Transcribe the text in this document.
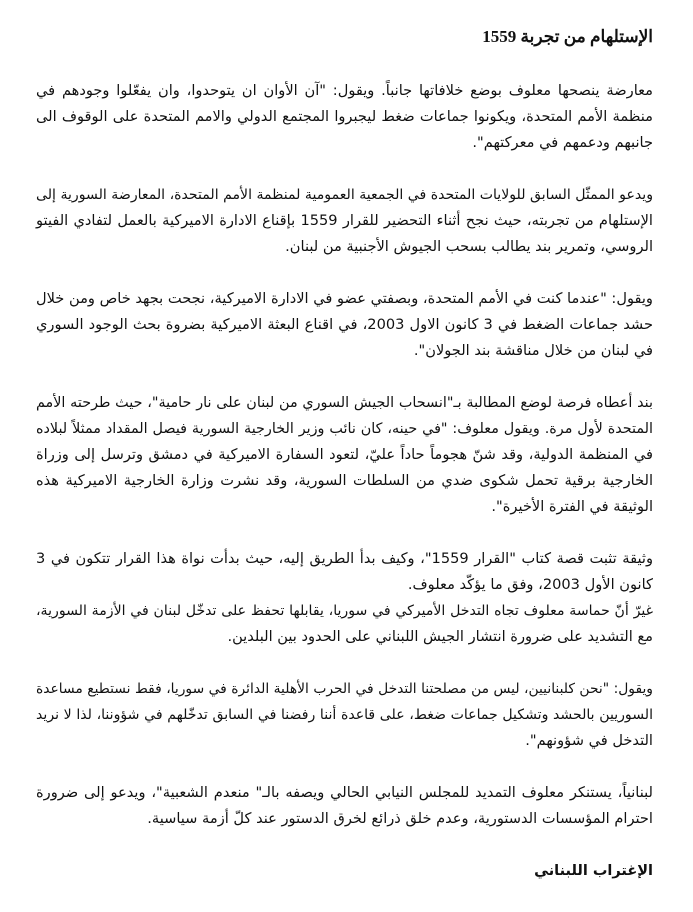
الإستلهام من تجربة 1559

معارضة ينصحها معلوف بوضع خلافاتها جانباً. ويقول: "آن الأوان ان يتوحدوا، وان يفعّلوا وجودهم في
منظمة الأمم المتحدة، ويكونوا جماعات ضغط ليجبروا المجتمع الدولي والامم المتحدة على الوقوف الى
جانبهم ودعمهم في معركتهم".

ويدعو الممثّل السابق للولايات المتحدة في الجمعية العمومية لمنظمة الأمم المتحدة، المعارضة السورية إلى
الإستلهام من تجربته، حيث نجح أثناء التحضير للقرار 1559 بإقناع الادارة الاميركية بالعمل لتفادي الفيتو
الروسي، وتمرير بند يطالب بسحب الجيوش الأجنبية من لبنان.

ويقول: "عندما كنت في الأمم المتحدة، وبصفتي عضو في الادارة الاميركية، نجحت بجهد خاص ومن خلال
حشد جماعات الضغط في 3 كانون الاول 2003، في اقناع البعثة الاميركية بضروة بحث الوجود السوري
في لبنان من خلال مناقشة بند الجولان".

بند أعطاه فرصة لوضع المطالبة بـ"انسحاب الجيش السوري من لبنان على نار حامية"، حيث طرحته الأمم
المتحدة لأول مرة. ويقول معلوف: "في حينه، كان نائب وزير الخارجية السورية فيصل المقداد ممثلاً لبلاده
في المنظمة الدولية، وقد شنّ هجوماً حاداً عليّ، لتعود السفارة الاميركية في دمشق وترسل إلى وزراة
الخارجية برقية تحمل شكوى ضدي من السلطات السورية، وقد نشرت وزارة الخارجية الاميركية هذه
الوثيقة في الفترة الأخيرة".

وثيقة تثبت قصة كتاب "القرار 1559"، وكيف بدأ الطريق إليه، حيث بدأت نواة هذا القرار تتكون في 3
كانون الأول 2003، وفق ما يؤكّد معلوف.

غيرّ أنّ حماسة معلوف تجاه التدخل الأميركي في سوريا، يقابلها تحفظ على تدخّل لبنان في الأزمة السورية،
مع التشديد على ضرورة انتشار الجيش اللبناني على الحدود بين البلدين.

ويقول: "نحن كلبنانيين، ليس من مصلحتنا التدخل في الحرب الأهلية الدائرة في سوريا، فقط نستطيع مساعدة
السوريين بالحشد وتشكيل جماعات ضغط، على قاعدة أننا رفضنا في السابق تدخّلهم في شؤوننا، لذا لا نريد
التدخل في شؤونهم".

لبنانياً، يستنكر معلوف التمديد للمجلس النيابي الحالي ويصفه بالـ" منعدم الشعبية"، ويدعو إلى ضرورة
احترام المؤسسات الدستورية، وعدم خلق ذرائع لخرق الدستور عند كلّ أزمة سياسية.

الإغتراب اللبناني
